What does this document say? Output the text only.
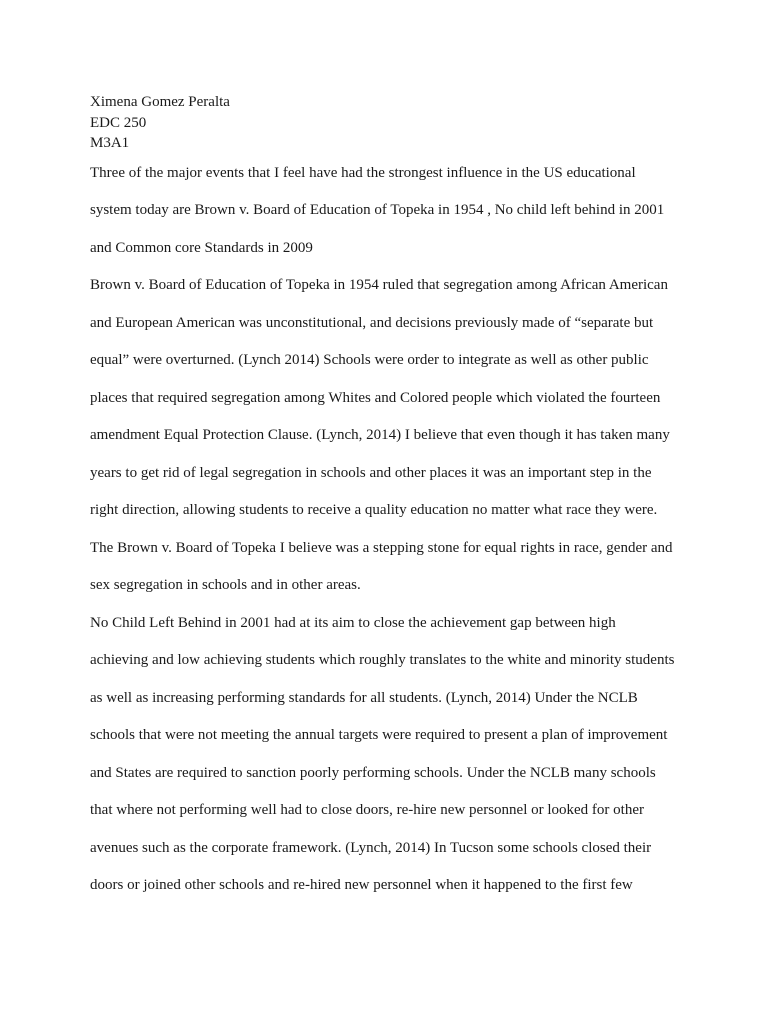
Ximena Gomez Peralta
EDC 250
M3A1
Three of the major events that I feel have had the strongest influence in the US educational
system today are Brown v. Board of Education of Topeka in 1954 , No child left behind in 2001
and Common core Standards in 2009
Brown v. Board of Education of Topeka in 1954 ruled that segregation among African American
and European American was unconstitutional, and decisions previously made of “separate but
equal” were overturned. (Lynch 2014) Schools were order to integrate as well as other public
places that required segregation among Whites and Colored people which violated the fourteen
amendment Equal Protection Clause. (Lynch, 2014) I believe that even though it has taken many
years to get rid of legal segregation in schools and other places it was an important step in the
right direction, allowing students to receive a quality education no matter what race they were.
The Brown v. Board of Topeka I believe was a stepping stone for equal rights in race, gender and
sex segregation in schools and in other areas.
No Child Left Behind in 2001 had at its aim to close the achievement gap between high
achieving and low achieving students which roughly translates to the white and minority students
as well as increasing performing standards for all students. (Lynch, 2014) Under the NCLB
schools that were not meeting the annual targets were required to present a plan of improvement
and States are required to sanction poorly performing schools. Under the NCLB many schools
that where not performing well had to close doors, re-hire new personnel or looked for other
avenues such as the corporate framework. (Lynch, 2014) In Tucson some schools closed their
doors or joined other schools and re-hired new personnel when it happened to the first few
